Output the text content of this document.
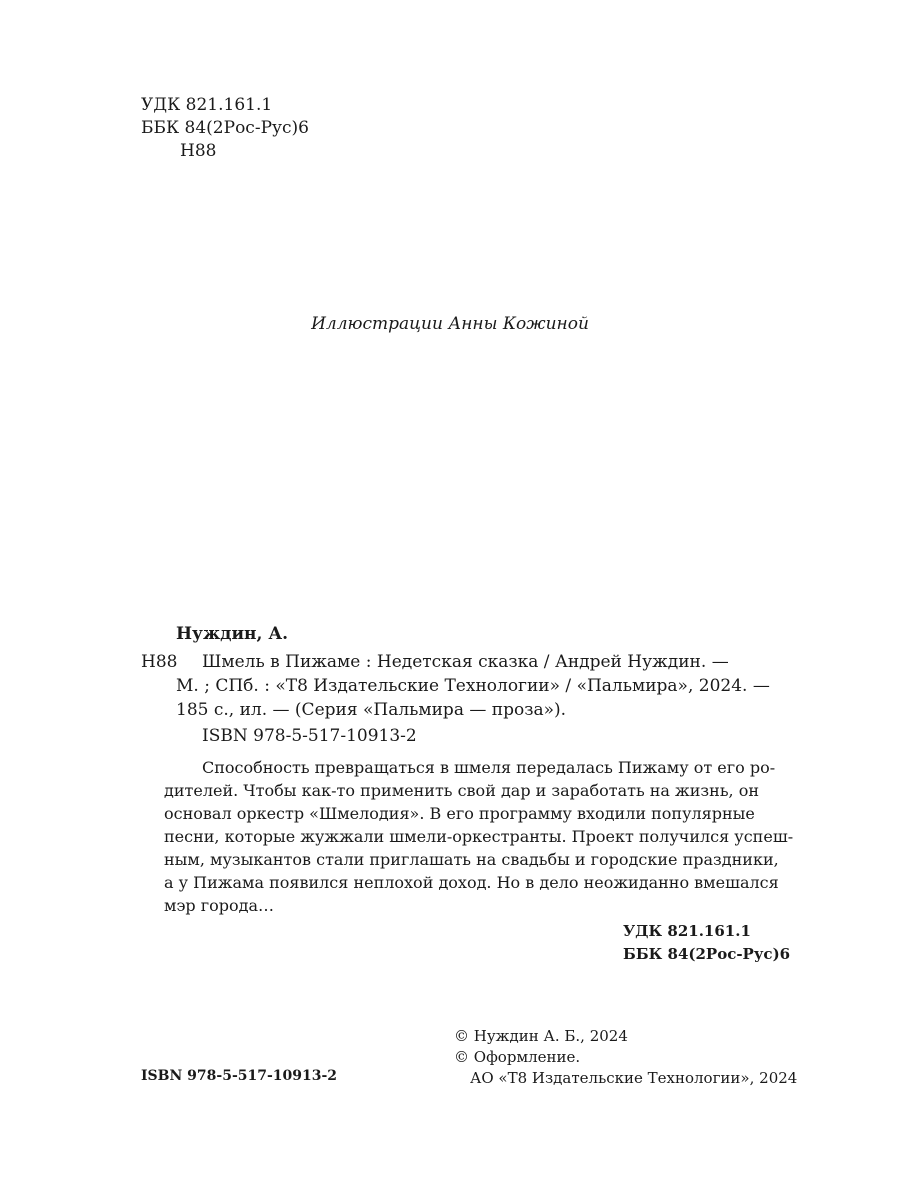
УДК 821.161.1
ББК 84(2Рос-Рус)6
Н88
Иллюстрации Анны Кожиной
Нуждин, А.
Н88	Шмель в Пижаме : Недетская сказка / Андрей Нуждин. —
М. ; СПб. : «Т8 Издательские Технологии» / «Пальмира», 2024. —
185 с., ил. — (Серия «Пальмира — проза»).
ISBN 978-5-517-10913-2
Способность превращаться в шмеля передалась Пижаму от его ро-
дителей. Чтобы как-то применить свой дар и заработать на жизнь, он
основал оркестр «Шмелодия». В его программу входили популярные
песни, которые жужжали шмели-оркестранты. Проект получился успеш-
ным, музыкантов стали приглашать на свадьбы и городские праздники,
а у Пижама появился неплохой доход. Но в дело неожиданно вмешался
мэр города…
УДК 821.161.1
ББК 84(2Рос-Рус)6
© Нуждин А. Б., 2024
© Оформление.
АО «Т8 Издательские Технологии», 2024
ISBN 978-5-517-10913-2
